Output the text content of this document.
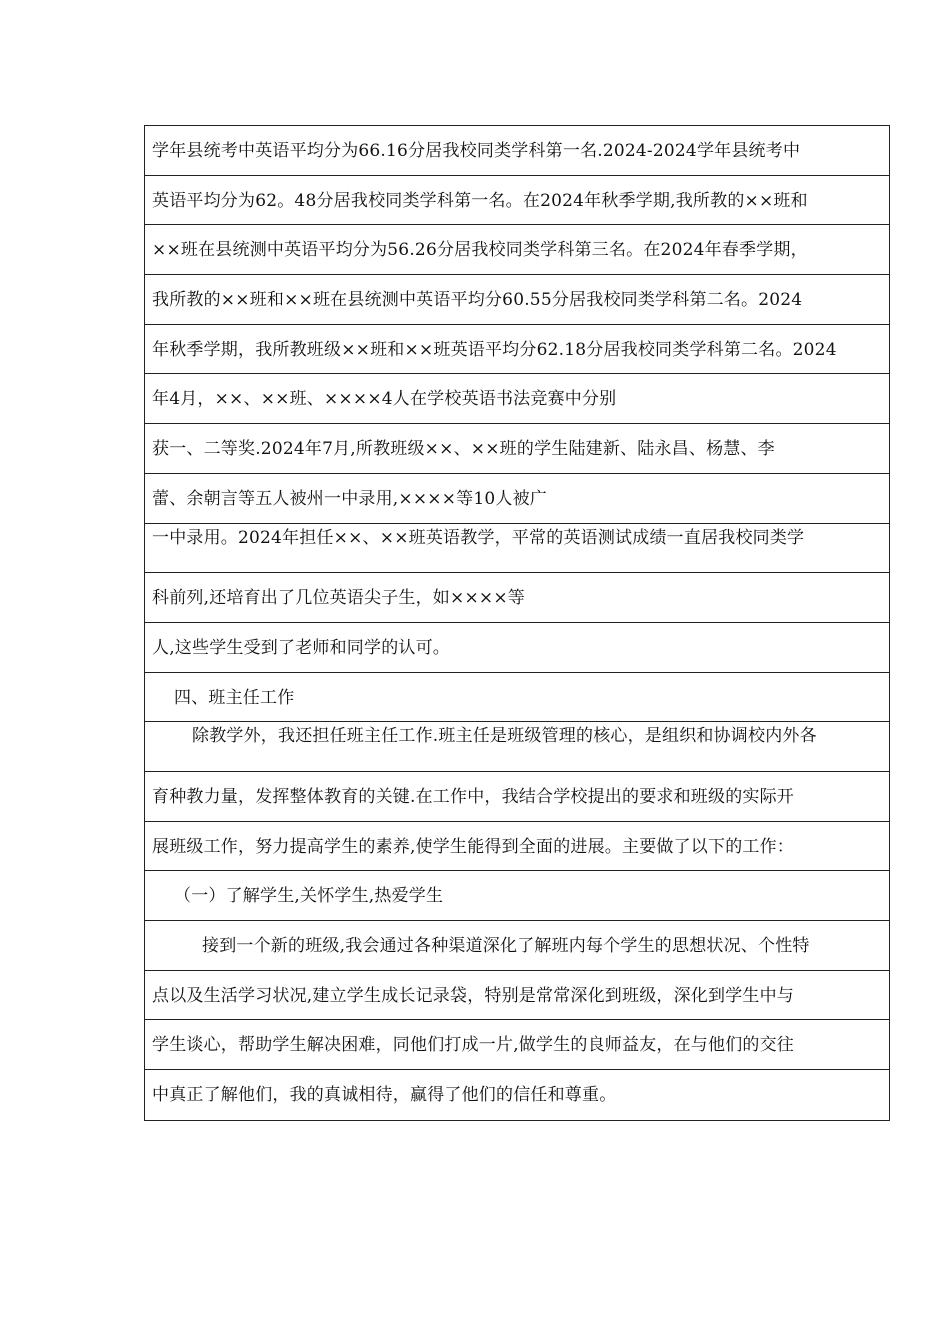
学年县统考中英语平均分为66.16分居我校同类学科第一名.2024-2024学年县统考中
英语平均分为62。48分居我校同类学科第一名。在2024年秋季学期,我所教的××班和
××班在县统测中英语平均分为56.26分居我校同类学科第三名。在2024年春季学期，
我所教的××班和××班在县统测中英语平均分60.55分居我校同类学科第二名。2024
年秋季学期，我所教班级××班和××班英语平均分62.18分居我校同类学科第二名。2024
年4月，××、××班、××××4人在学校英语书法竞赛中分别
获一、二等奖.2024年7月,所教班级××、××班的学生陆建新、陆永昌、杨慧、李
蕾、余朝言等五人被州一中录用,××××等10人被广
一中录用。2024年担任××、××班英语教学，平常的英语测试成绩一直居我校同类学
科前列,还培育出了几位英语尖子生，如××××等
人,这些学生受到了老师和同学的认可。
四、班主任工作
除教学外，我还担任班主任工作.班主任是班级管理的核心，是组织和协调校内外各
育种教力量，发挥整体教育的关键.在工作中，我结合学校提出的要求和班级的实际开
展班级工作，努力提高学生的素养,使学生能得到全面的进展。主要做了以下的工作：
（一）了解学生,关怀学生,热爱学生
接到一个新的班级,我会通过各种渠道深化了解班内每个学生的思想状况、个性特
点以及生活学习状况,建立学生成长记录袋，特别是常常深化到班级，深化到学生中与
学生谈心，帮助学生解决困难，同他们打成一片,做学生的良师益友，在与他们的交往
中真正了解他们，我的真诚相待，赢得了他们的信任和尊重。
